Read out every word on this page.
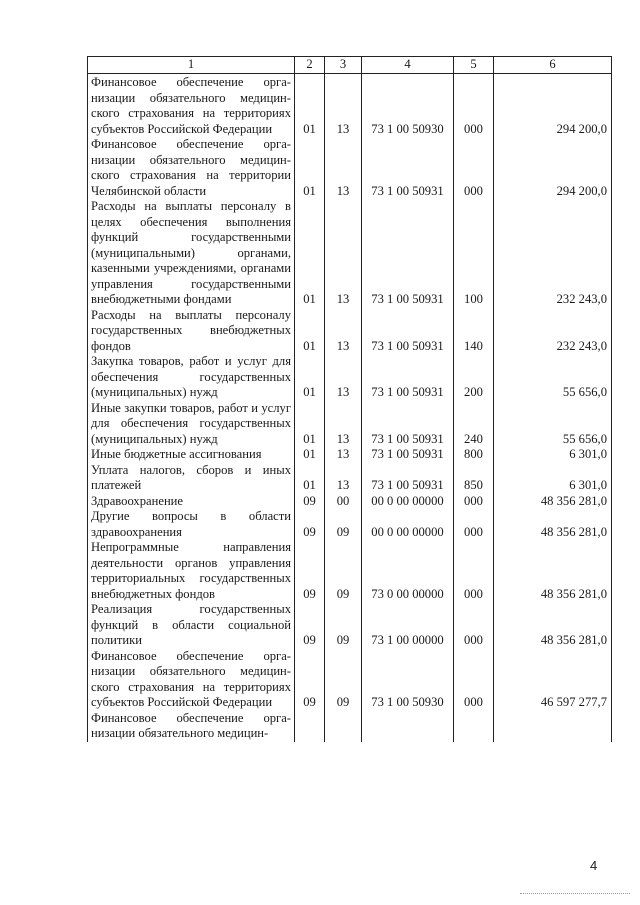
1	2	3	4	5	6
Финансовое обеспечение организации обязательного медицинского страхования на территориях субъектов Российской Федерации	01	13	73 1 00 50930	000	294 200,0
Финансовое обеспечение организации обязательного медицинского страхования на территории Челябинской области	01	13	73 1 00 50931	000	294 200,0
Расходы на выплаты персоналу в целях обеспечения выполнения функций государственными (муниципальными) органами, казенными учреждениями, органами управления государственными внебюджетными фондами	01	13	73 1 00 50931	100	232 243,0
Расходы на выплаты персоналу государственных внебюджетных фондов	01	13	73 1 00 50931	140	232 243,0
Закупка товаров, работ и услуг для обеспечения государственных (муниципальных) нужд	01	13	73 1 00 50931	200	55 656,0
Иные закупки товаров, работ и услуг для обеспечения государственных (муниципальных) нужд	01	13	73 1 00 50931	240	55 656,0
Иные бюджетные ассигнования	01	13	73 1 00 50931	800	6 301,0
Уплата налогов, сборов и иных платежей	01	13	73 1 00 50931	850	6 301,0
Здравоохранение	09	00	00 0 00 00000	000	48 356 281,0
Другие вопросы в области здравоохранения	09	09	00 0 00 00000	000	48 356 281,0
Непрограммные направления деятельности органов управления территориальных государственных внебюджетных фондов	09	09	73 0 00 00000	000	48 356 281,0
Реализация государственных функций в области социальной политики	09	09	73 1 00 00000	000	48 356 281,0
Финансовое обеспечение организации обязательного медицинского страхования на территориях субъектов Российской Федерации	09	09	73 1 00 50930	000	46 597 277,7
Финансовое обеспечение организации обязательного медицин-					
4
